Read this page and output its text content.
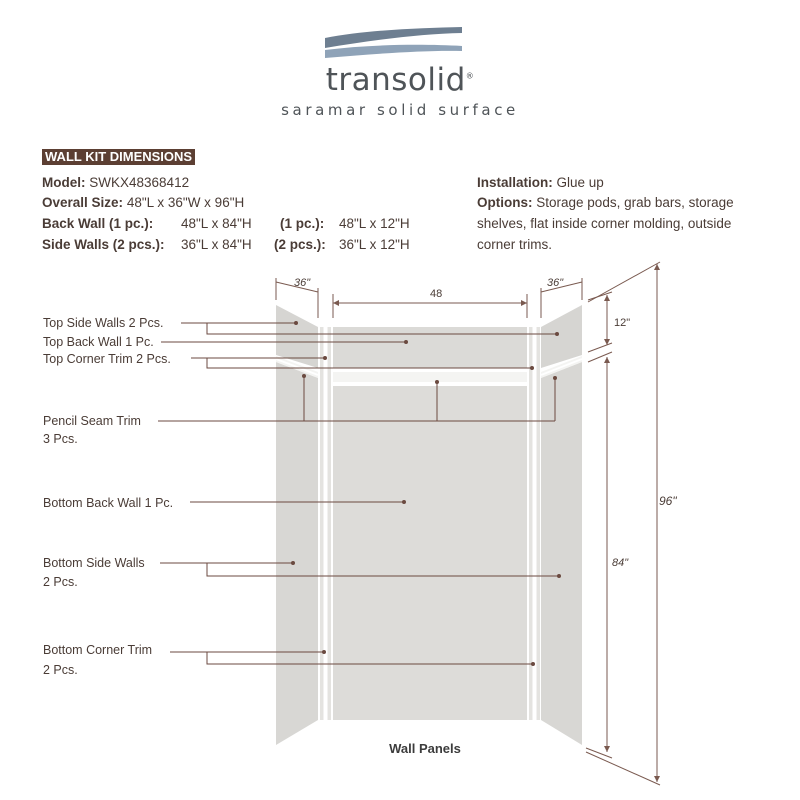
transolid®
saramar solid surface
WALL KIT DIMENSIONS
Model: SWKX48368412
Overall Size: 48"L x 36"W x 96"H
Back Wall (1 pc.): 48"L x 84"H (1 pc.): 48"L x 12"H
Side Walls (2 pcs.): 36"L x 84"H (2 pcs.): 36"L x 12"H
Installation: Glue up
Options: Storage pods, grab bars, storage
shelves, flat inside corner molding, outside
corner trims.
36"
48
36"
12"
84"
96"
Top Side Walls 2 Pcs.
Top Back Wall 1 Pc.
Top Corner Trim 2 Pcs.
Pencil Seam Trim
3 Pcs.
Bottom Back Wall 1 Pc.
Bottom Side Walls
2 Pcs.
Bottom Corner Trim
2 Pcs.
Wall Panels
